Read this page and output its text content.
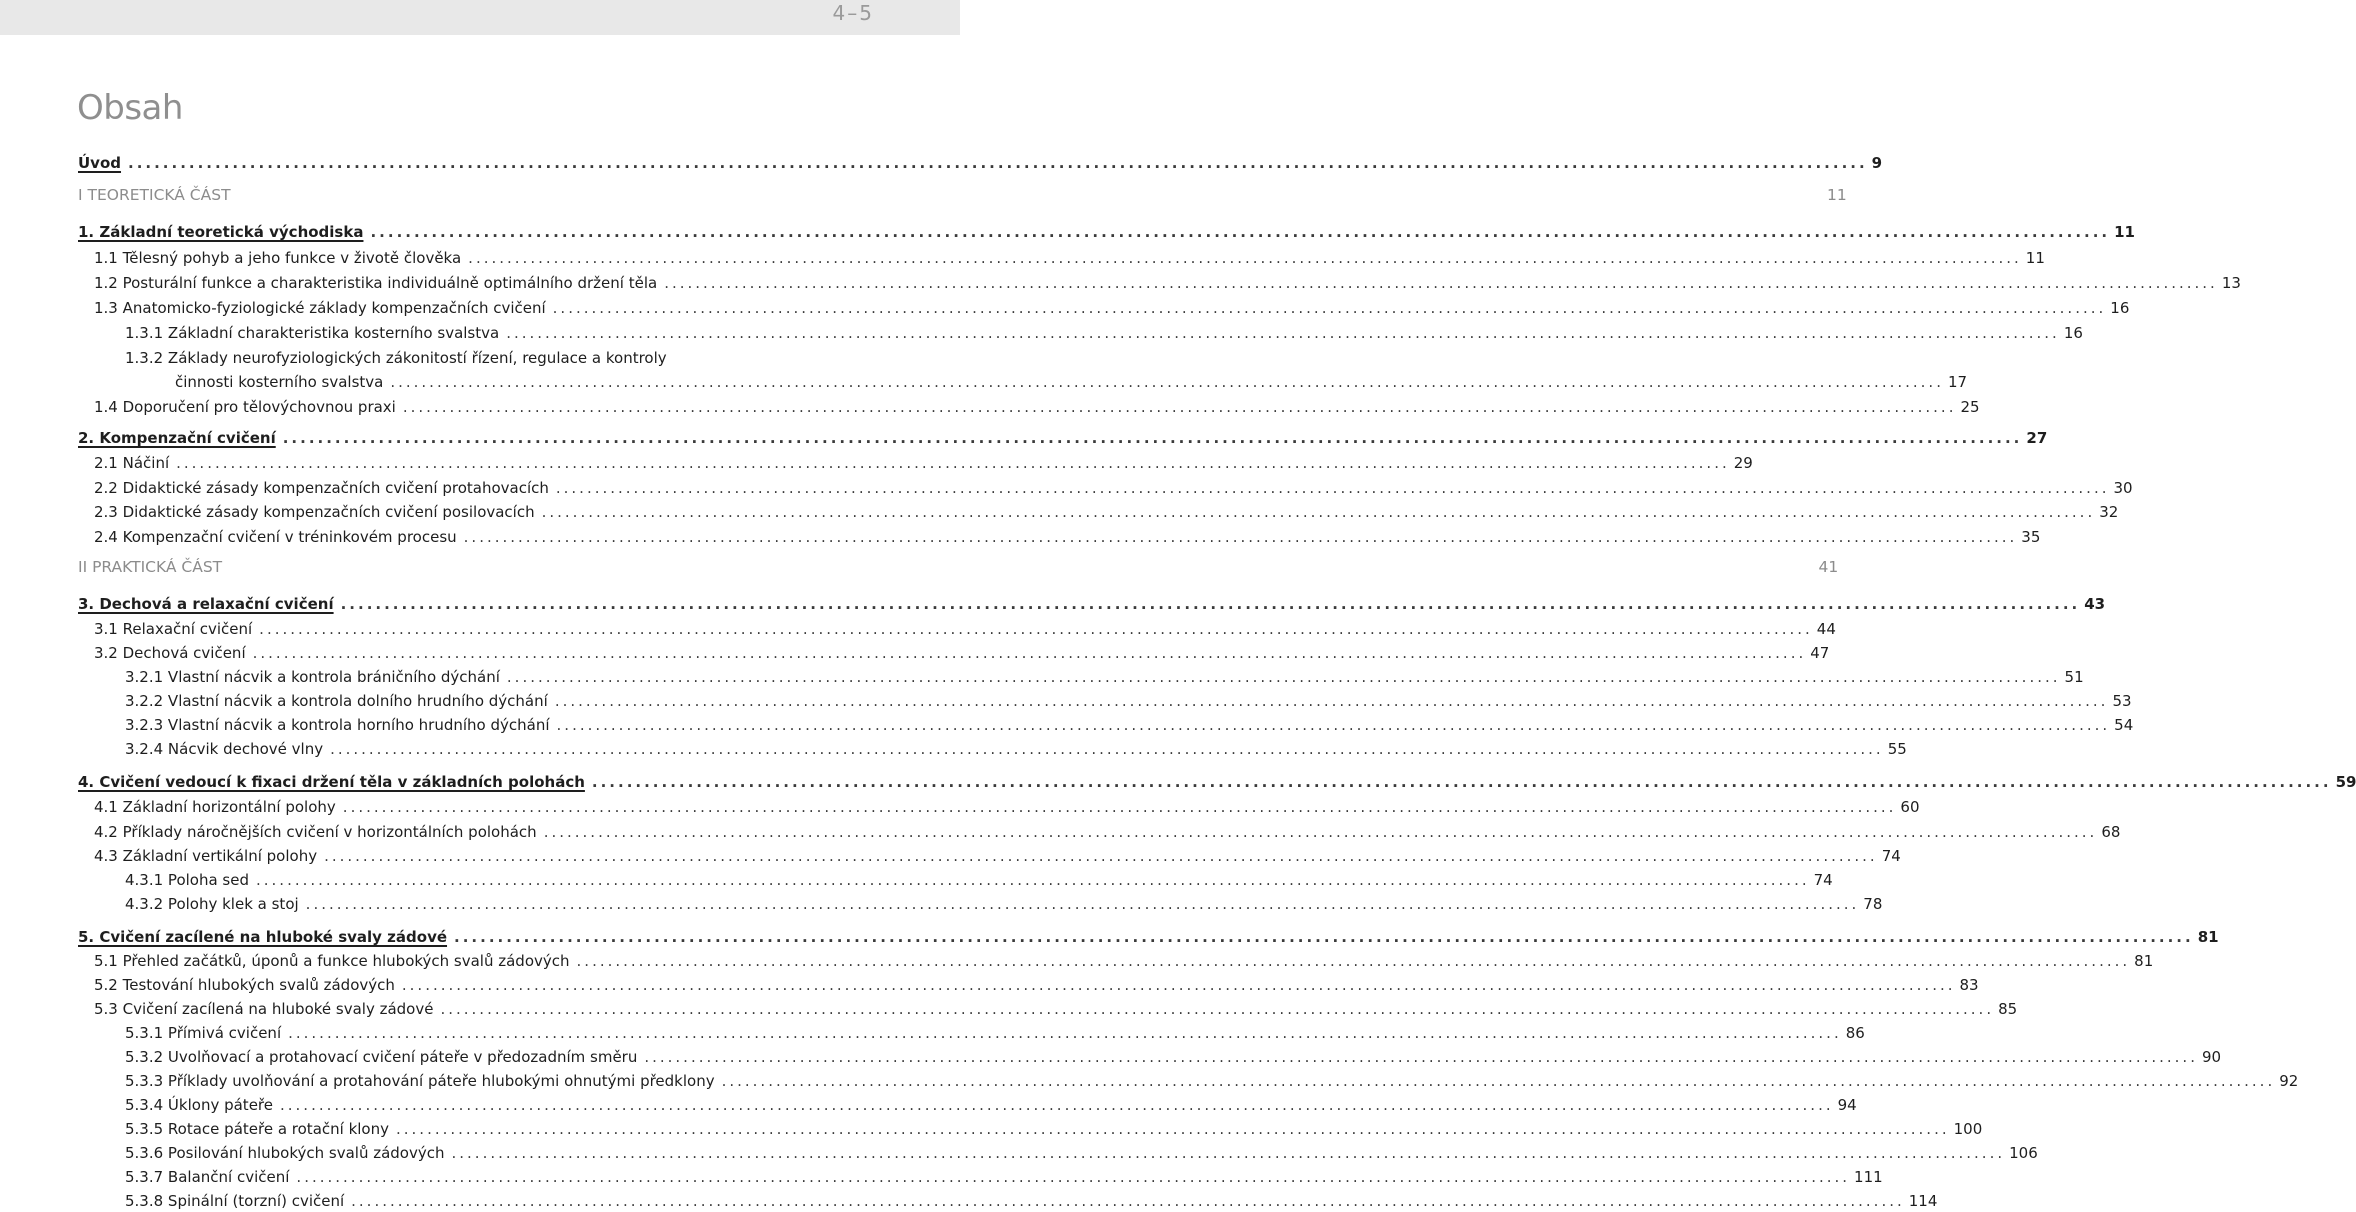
4–5
Obsah
Úvod ........................................................................................................................................................................................................ 9
I TEORETICKÁ ČÁST	11
1. Základní teoretická východiska ........................................................................................................................................................................................................ 11
1.1 Tělesný pohyb a jeho funkce v životě člověka ........................................................................................................................................................................................................ 11
1.2 Posturální funkce a charakteristika individuálně optimálního držení těla ........................................................................................................................................................................................................ 13
1.3 Anatomicko-fyziologické základy kompenzačních cvičení ........................................................................................................................................................................................................ 16
1.3.1 Základní charakteristika kosterního svalstva ........................................................................................................................................................................................................ 16
1.3.2 Základy neurofyziologických zákonitostí řízení, regulace a kontroly
činnosti kosterního svalstva ........................................................................................................................................................................................................ 17
1.4 Doporučení pro tělovýchovnou praxi ........................................................................................................................................................................................................ 25
2. Kompenzační cvičení ........................................................................................................................................................................................................ 27
2.1 Náčiní ........................................................................................................................................................................................................ 29
2.2 Didaktické zásady kompenzačních cvičení protahovacích ........................................................................................................................................................................................................ 30
2.3 Didaktické zásady kompenzačních cvičení posilovacích ........................................................................................................................................................................................................ 32
2.4 Kompenzační cvičení v tréninkovém procesu ........................................................................................................................................................................................................ 35
II PRAKTICKÁ ČÁST	41
3. Dechová a relaxační cvičení ........................................................................................................................................................................................................ 43
3.1 Relaxační cvičení ........................................................................................................................................................................................................ 44
3.2 Dechová cvičení ........................................................................................................................................................................................................ 47
3.2.1 Vlastní nácvik a kontrola bráničního dýchání ........................................................................................................................................................................................................ 51
3.2.2 Vlastní nácvik a kontrola dolního hrudního dýchání ........................................................................................................................................................................................................ 53
3.2.3 Vlastní nácvik a kontrola horního hrudního dýchání ........................................................................................................................................................................................................ 54
3.2.4 Nácvik dechové vlny ........................................................................................................................................................................................................ 55
4. Cvičení vedoucí k fixaci držení těla v základních polohách ........................................................................................................................................................................................................ 59
4.1 Základní horizontální polohy ........................................................................................................................................................................................................ 60
4.2 Příklady náročnějších cvičení v horizontálních polohách ........................................................................................................................................................................................................ 68
4.3 Základní vertikální polohy ........................................................................................................................................................................................................ 74
4.3.1 Poloha sed ........................................................................................................................................................................................................ 74
4.3.2 Polohy klek a stoj ........................................................................................................................................................................................................ 78
5. Cvičení zacílené na hluboké svaly zádové ........................................................................................................................................................................................................ 81
5.1 Přehled začátků, úponů a funkce hlubokých svalů zádových ........................................................................................................................................................................................................ 81
5.2 Testování hlubokých svalů zádových ........................................................................................................................................................................................................ 83
5.3 Cvičení zacílená na hluboké svaly zádové ........................................................................................................................................................................................................ 85
5.3.1 Přímivá cvičení ........................................................................................................................................................................................................ 86
5.3.2 Uvolňovací a protahovací cvičení páteře v předozadním směru ........................................................................................................................................................................................................ 90
5.3.3 Příklady uvolňování a protahování páteře hlubokými ohnutými předklony ........................................................................................................................................................................................................ 92
5.3.4 Úklony páteře ........................................................................................................................................................................................................ 94
5.3.5 Rotace páteře a rotační klony ........................................................................................................................................................................................................ 100
5.3.6 Posilování hlubokých svalů zádových ........................................................................................................................................................................................................ 106
5.3.7 Balanční cvičení ........................................................................................................................................................................................................ 111
5.3.8 Spinální (torzní) cvičení ........................................................................................................................................................................................................ 114
